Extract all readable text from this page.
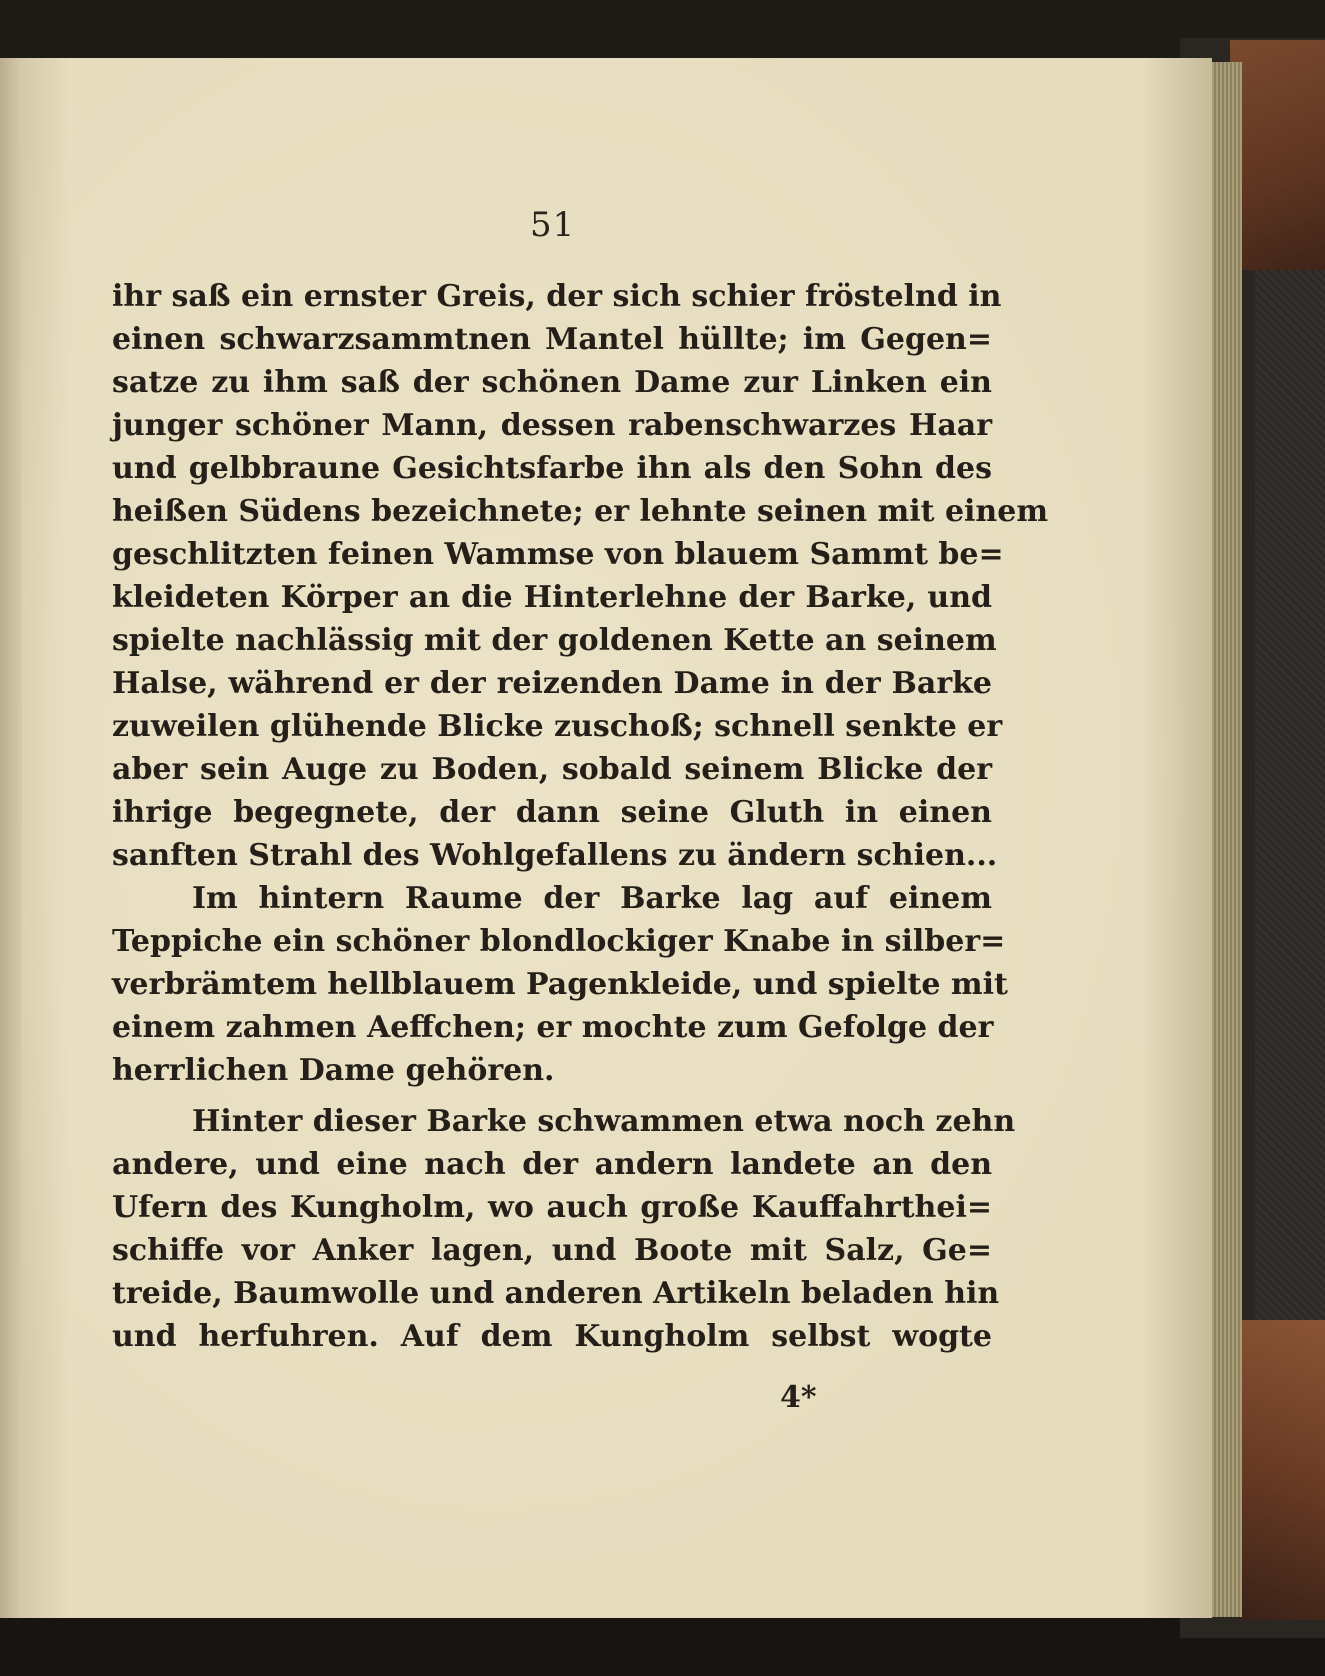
51
ihr saß ein ernster Greis, der sich schier fröstelnd in
einen schwarzsammtnen Mantel hüllte; im Gegen=
satze zu ihm saß der schönen Dame zur Linken ein
junger schöner Mann, dessen rabenschwarzes Haar
und gelbbraune Gesichtsfarbe ihn als den Sohn des
heißen Südens bezeichnete; er lehnte seinen mit einem
geschlitzten feinen Wammse von blauem Sammt be=
kleideten Körper an die Hinterlehne der Barke, und
spielte nachlässig mit der goldenen Kette an seinem
Halse, während er der reizenden Dame in der Barke
zuweilen glühende Blicke zuschoß; schnell senkte er
aber sein Auge zu Boden, sobald seinem Blicke der
ihrige begegnete, der dann seine Gluth in einen
sanften Strahl des Wohlgefallens zu ändern schien...
Im hintern Raume der Barke lag auf einem
Teppiche ein schöner blondlockiger Knabe in silber=
verbrämtem hellblauem Pagenkleide, und spielte mit
einem zahmen Aeffchen; er mochte zum Gefolge der
herrlichen Dame gehören.
Hinter dieser Barke schwammen etwa noch zehn
andere, und eine nach der andern landete an den
Ufern des Kungholm, wo auch große Kauffahrthei=
schiffe vor Anker lagen, und Boote mit Salz, Ge=
treide, Baumwolle und anderen Artikeln beladen hin
und herfuhren. Auf dem Kungholm selbst wogte
4*
